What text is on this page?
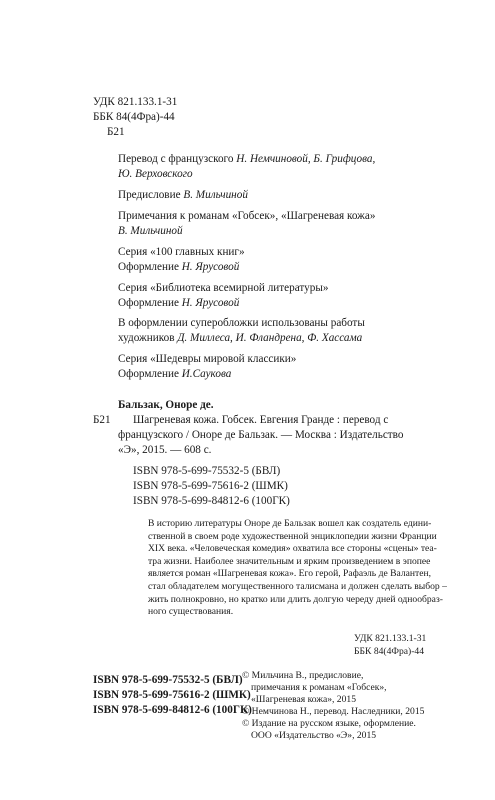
УДК 821.133.1-31
ББК 84(4Фра)-44
Б21
Перевод с французского Н. Немчиновой, Б. Грифцова,
Ю. Верховского
Предисловие В. Мильчиной
Примечания к романам «Гобсек», «Шагреневая кожа»
В. Мильчиной
Серия «100 главных книг»
Оформление Н. Ярусовой
Серия «Библиотека всемирной литературы»
Оформление Н. Ярусовой
В оформлении суперобложки использованы работы
художников Д. Миллеса, И. Фландрена, Ф. Хассама
Серия «Шедевры мировой классики»
Оформление И.Саукова
Бальзак, Оноре де.
Б21 Шагреневая кожа. Гобсек. Евгения Гранде : перевод с
французского / Оноре де Бальзак. — Москва : Издательство
«Э», 2015. — 608 с.
ISBN 978-5-699-75532-5 (БВЛ)
ISBN 978-5-699-75616-2 (ШМК)
ISBN 978-5-699-84812-6 (100ГК)
В историю литературы Оноре де Бальзак вошел как создатель едини-
ственной в своем роде художественной энциклопедии жизни Франции
XIX века. «Человеческая комедия» охватила все стороны «сцены» теа-
тра жизни. Наиболее значительным и ярким произведением в эпопее
является роман «Шагреневая кожа». Его герой, Рафаэль де Валантен,
стал обладателем могущественного талисмана и должен сделать выбор –
жить полнокровно, но кратко или длить долгую череду дней однообраз-
ного существования.
УДК 821.133.1-31
ББК 84(4Фра)-44
ISBN 978-5-699-75532-5 (БВЛ)
ISBN 978-5-699-75616-2 (ШМК)
ISBN 978-5-699-84812-6 (100ГК)
© Мильчина В., предисловие,
примечания к романам «Гобсек»,
«Шагреневая кожа», 2015
© Немчинова Н., перевод. Наследники, 2015
© Издание на русском языке, оформление.
ООО «Издательство «Э», 2015
